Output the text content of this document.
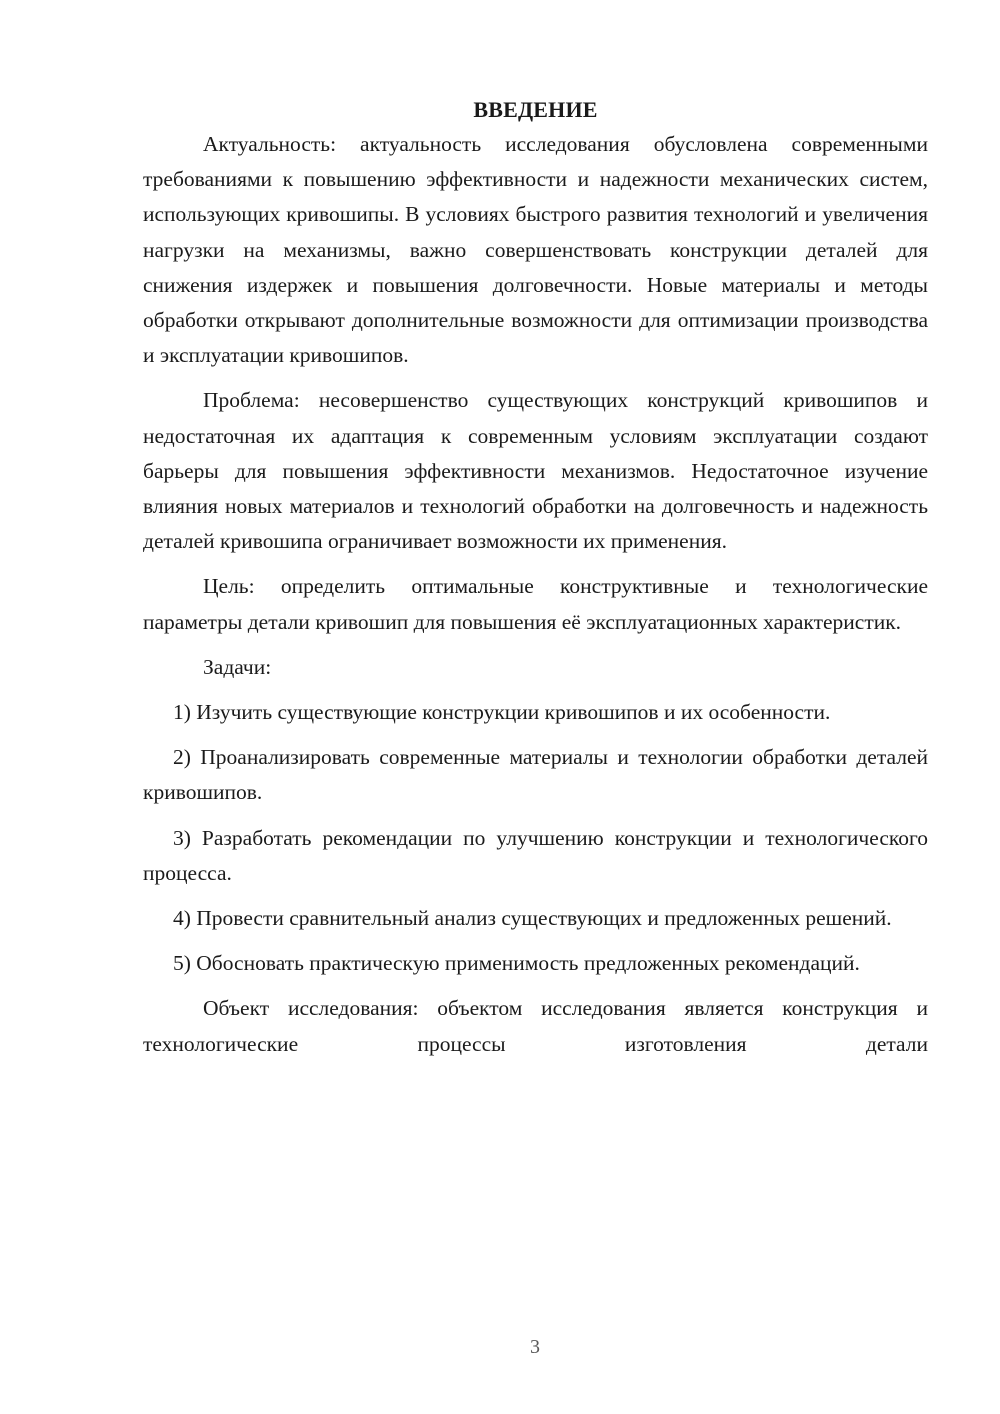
ВВЕДЕНИЕ

Актуальность: актуальность исследования обусловлена современными требованиями к повышению эффективности и надежности механических систем, использующих кривошипы. В условиях быстрого развития технологий и увеличения нагрузки на механизмы, важно совершенствовать конструкции деталей для снижения издержек и повышения долговечности. Новые материалы и методы обработки открывают дополнительные возможности для оптимизации производства и эксплуатации кривошипов.

Проблема: несовершенство существующих конструкций кривошипов и недостаточная их адаптация к современным условиям эксплуатации создают барьеры для повышения эффективности механизмов. Недостаточное изучение влияния новых материалов и технологий обработки на долговечность и надежность деталей кривошипа ограничивает возможности их применения.

Цель: определить оптимальные конструктивные и технологические параметры детали кривошип для повышения её эксплуатационных характеристик.

Задачи:

1) Изучить существующие конструкции кривошипов и их особенности.

2) Проанализировать современные материалы и технологии обработки деталей кривошипов.

3) Разработать рекомендации по улучшению конструкции и технологического процесса.

4) Провести сравнительный анализ существующих и предложенных решений.

5) Обосновать практическую применимость предложенных рекомендаций.

Объект исследования: объектом исследования является конструкция и технологические процессы изготовления детали

3
